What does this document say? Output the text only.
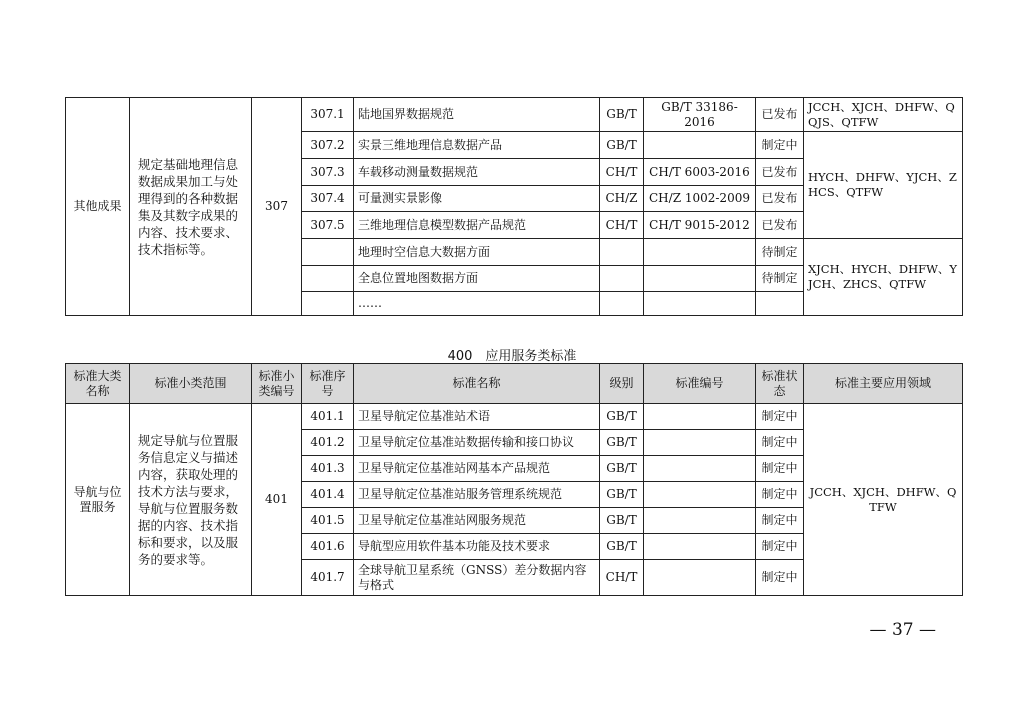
其他成果	规定基础地理信息数据成果加工与处理得到的各种数据集及其数字成果的内容、技术要求、技术指标等。	307	307.1	陆地国界数据规范	GB/T	GB/T 33186-2016	已发布	JCCH、XJCH、DHFW、QQJS、QTFW
			307.2	实景三维地理信息数据产品	GB/T		制定中	HYCH、DHFW、YJCH、ZHCS、QTFW
			307.3	车载移动测量数据规范	CH/T	CH/T 6003-2016	已发布	
			307.4	可量测实景影像	CH/Z	CH/Z 1002-2009	已发布	
			307.5	三维地理信息模型数据产品规范	CH/T	CH/T 9015-2012	已发布	
				地理时空信息大数据方面			待制定	XJCH、HYCH、DHFW、YJCH、ZHCS、QTFW
				全息位置地图数据方面			待制定	
				……				
400　应用服务类标准
标准大类名称	标准小类范围	标准小类编号	标准序号	标准名称	级别	标准编号	标准状态	标准主要应用领域
导航与位置服务	规定导航与位置服务信息定义与描述内容，获取处理的技术方法与要求，导航与位置服务数据的内容、技术指标和要求，以及服务的要求等。	401	401.1	卫星导航定位基准站术语	GB/T		制定中	JCCH、XJCH、DHFW、QTFW
			401.2	卫星导航定位基准站数据传输和接口协议	GB/T		制定中	
			401.3	卫星导航定位基准站网基本产品规范	GB/T		制定中	
			401.4	卫星导航定位基准站服务管理系统规范	GB/T		制定中	
			401.5	卫星导航定位基准站网服务规范	GB/T		制定中	
			401.6	导航型应用软件基本功能及技术要求	GB/T		制定中	
			401.7	全球导航卫星系统（GNSS）差分数据内容与格式	CH/T		制定中	
— 37 —
